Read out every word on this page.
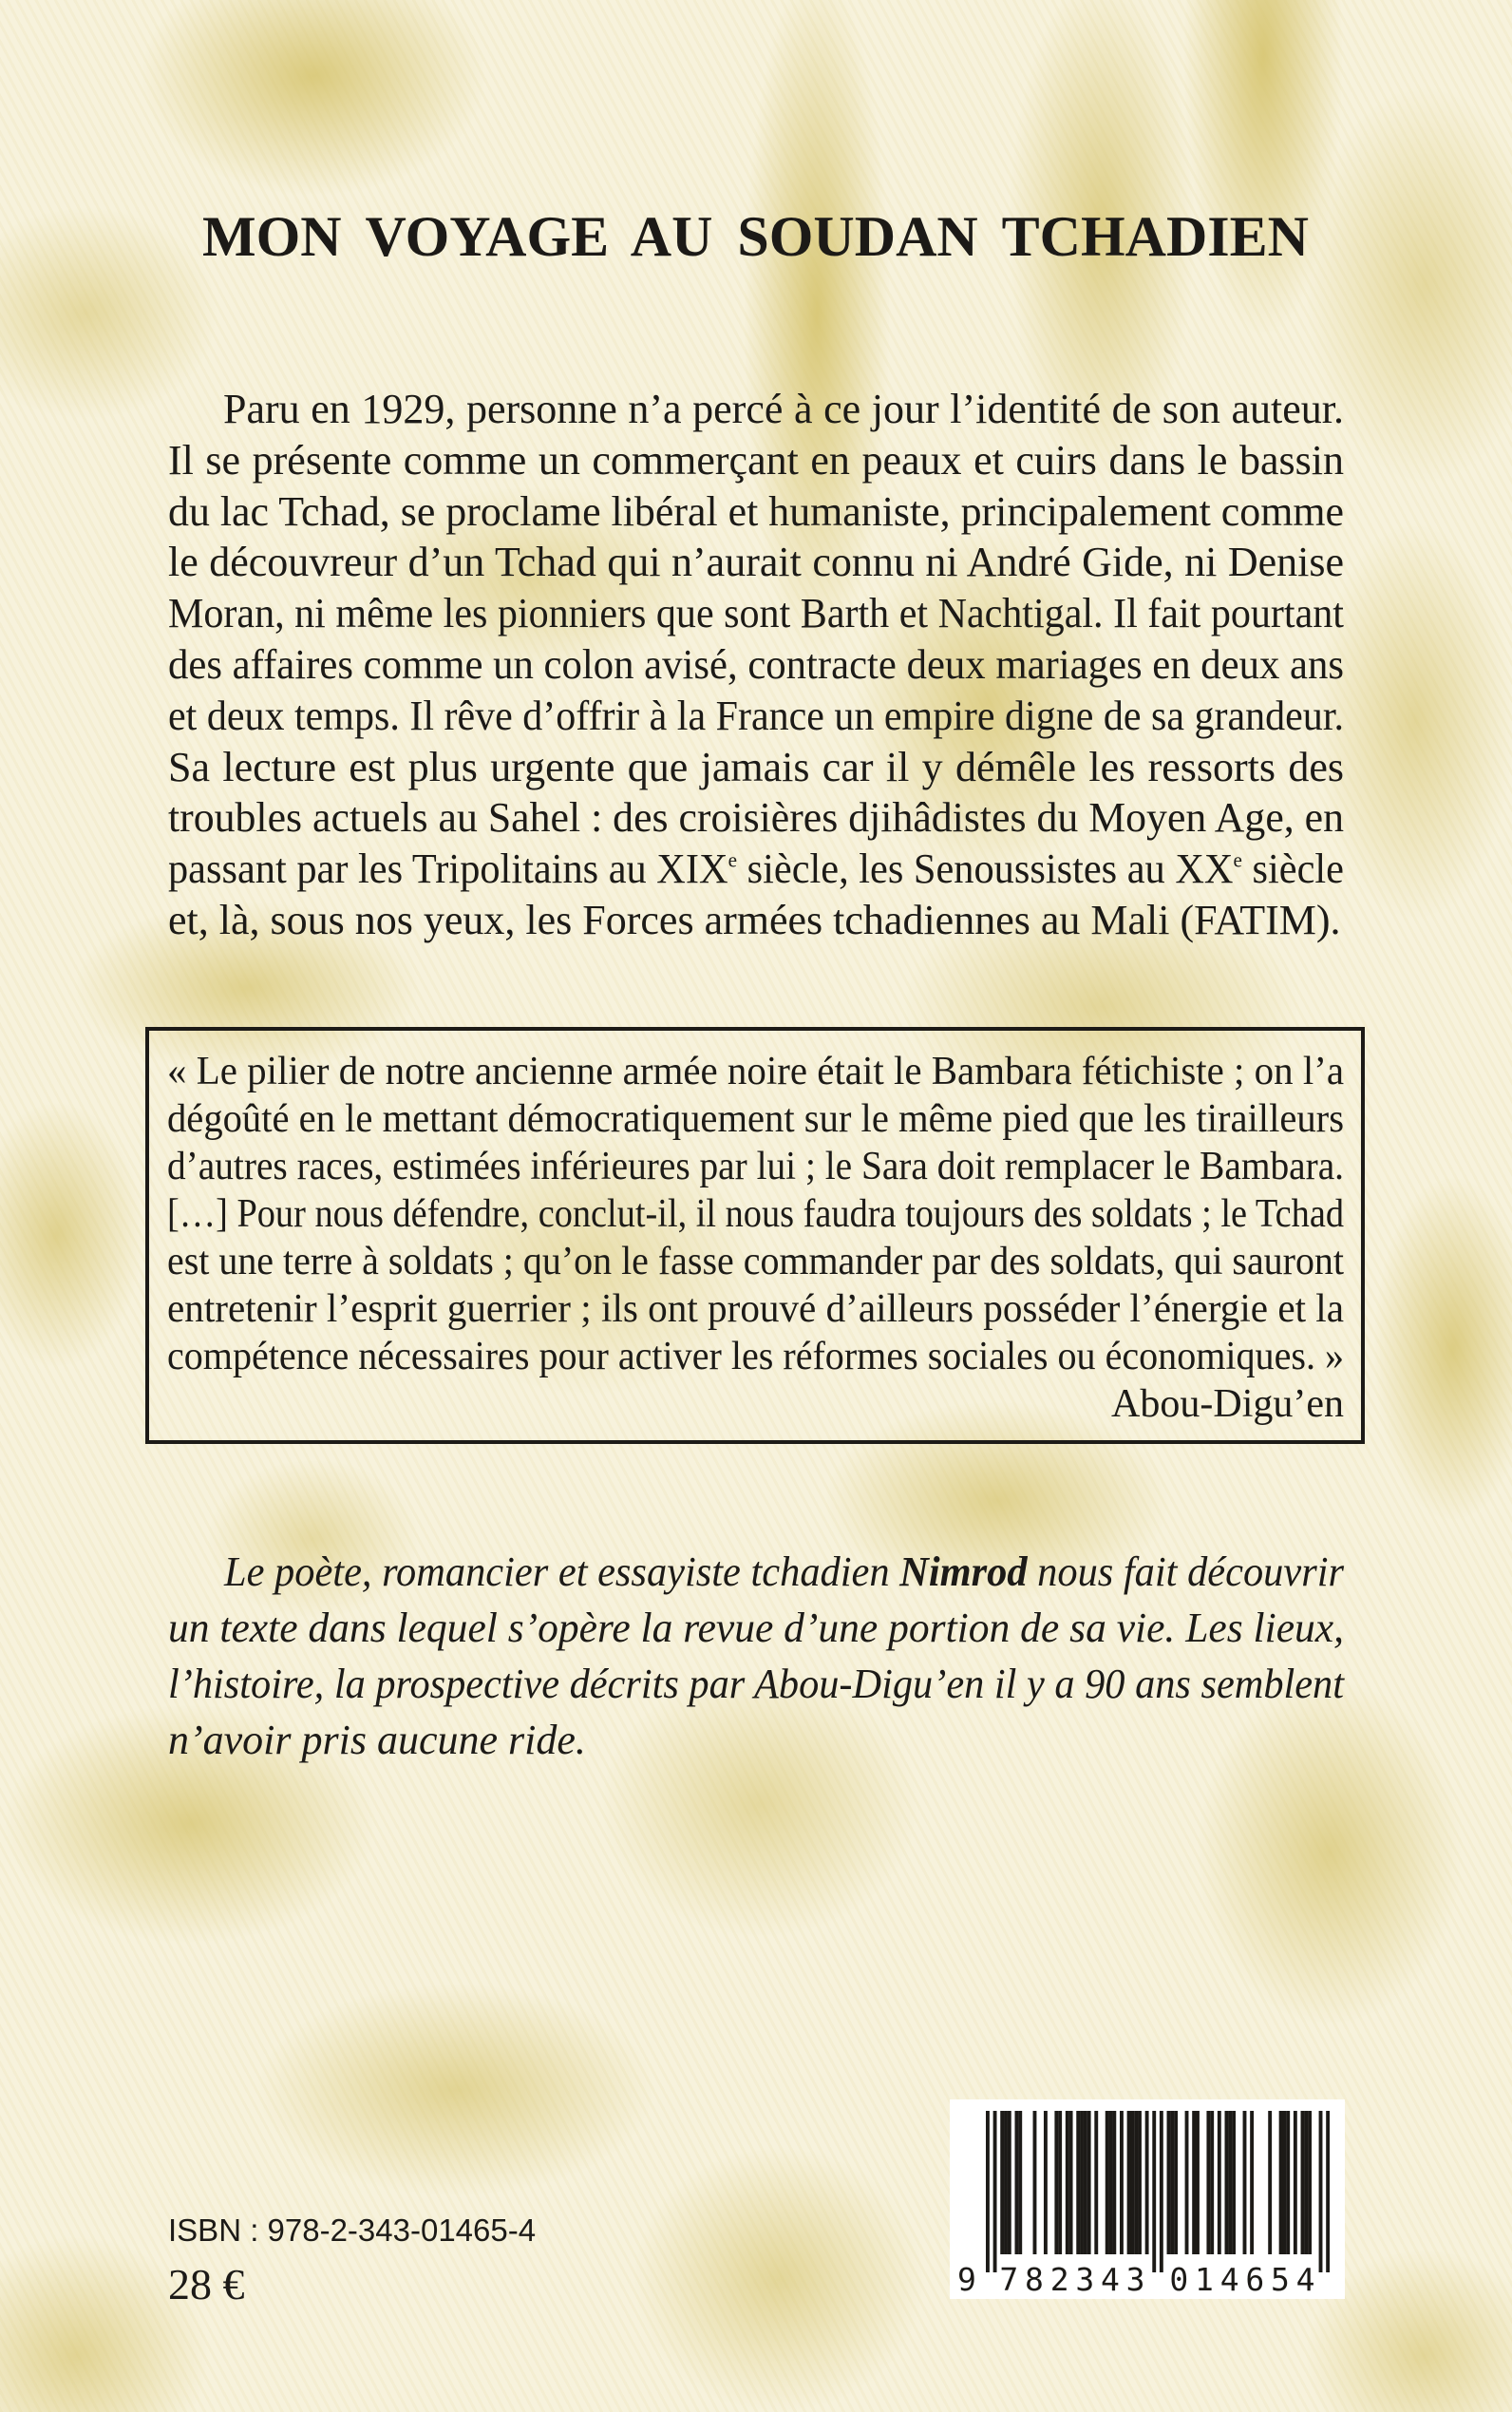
MON VOYAGE AU SOUDAN TCHADIEN
Paru en 1929, personne n’a percé à ce jour l’identité de son auteur.
Il se présente comme un commerçant en peaux et cuirs dans le bassin
du lac Tchad, se proclame libéral et humaniste, principalement comme
le découvreur d’un Tchad qui n’aurait connu ni André Gide, ni Denise
Moran, ni même les pionniers que sont Barth et Nachtigal. Il fait pourtant
des affaires comme un colon avisé, contracte deux mariages en deux ans
et deux temps. Il rêve d’offrir à la France un empire digne de sa grandeur.
Sa lecture est plus urgente que jamais car il y démêle les ressorts des
troubles actuels au Sahel : des croisières djihâdistes du Moyen Age, en
passant par les Tripolitains au XIXe siècle, les Senoussistes au XXe siècle
et, là, sous nos yeux, les Forces armées tchadiennes au Mali (FATIM).
« Le pilier de notre ancienne armée noire était le Bambara fétichiste ; on l’a
dégoûté en le mettant démocratiquement sur le même pied que les tirailleurs
d’autres races, estimées inférieures par lui ; le Sara doit remplacer le Bambara.
[…] Pour nous défendre, conclut-il, il nous faudra toujours des soldats ; le Tchad
est une terre à soldats ; qu’on le fasse commander par des soldats, qui sauront
entretenir l’esprit guerrier ; ils ont prouvé d’ailleurs posséder l’énergie et la
compétence nécessaires pour activer les réformes sociales ou économiques. »
Abou-Digu’en
Le poète, romancier et essayiste tchadien Nimrod nous fait découvrir
un texte dans lequel s’opère la revue d’une portion de sa vie. Les lieux,
l’histoire, la prospective décrits par Abou-Digu’en il y a 90 ans semblent
n’avoir pris aucune ride.
ISBN : 978-2-343-01465-4
28 €	9 7 8 2 3 4 3 0 1 4 6 5 4
